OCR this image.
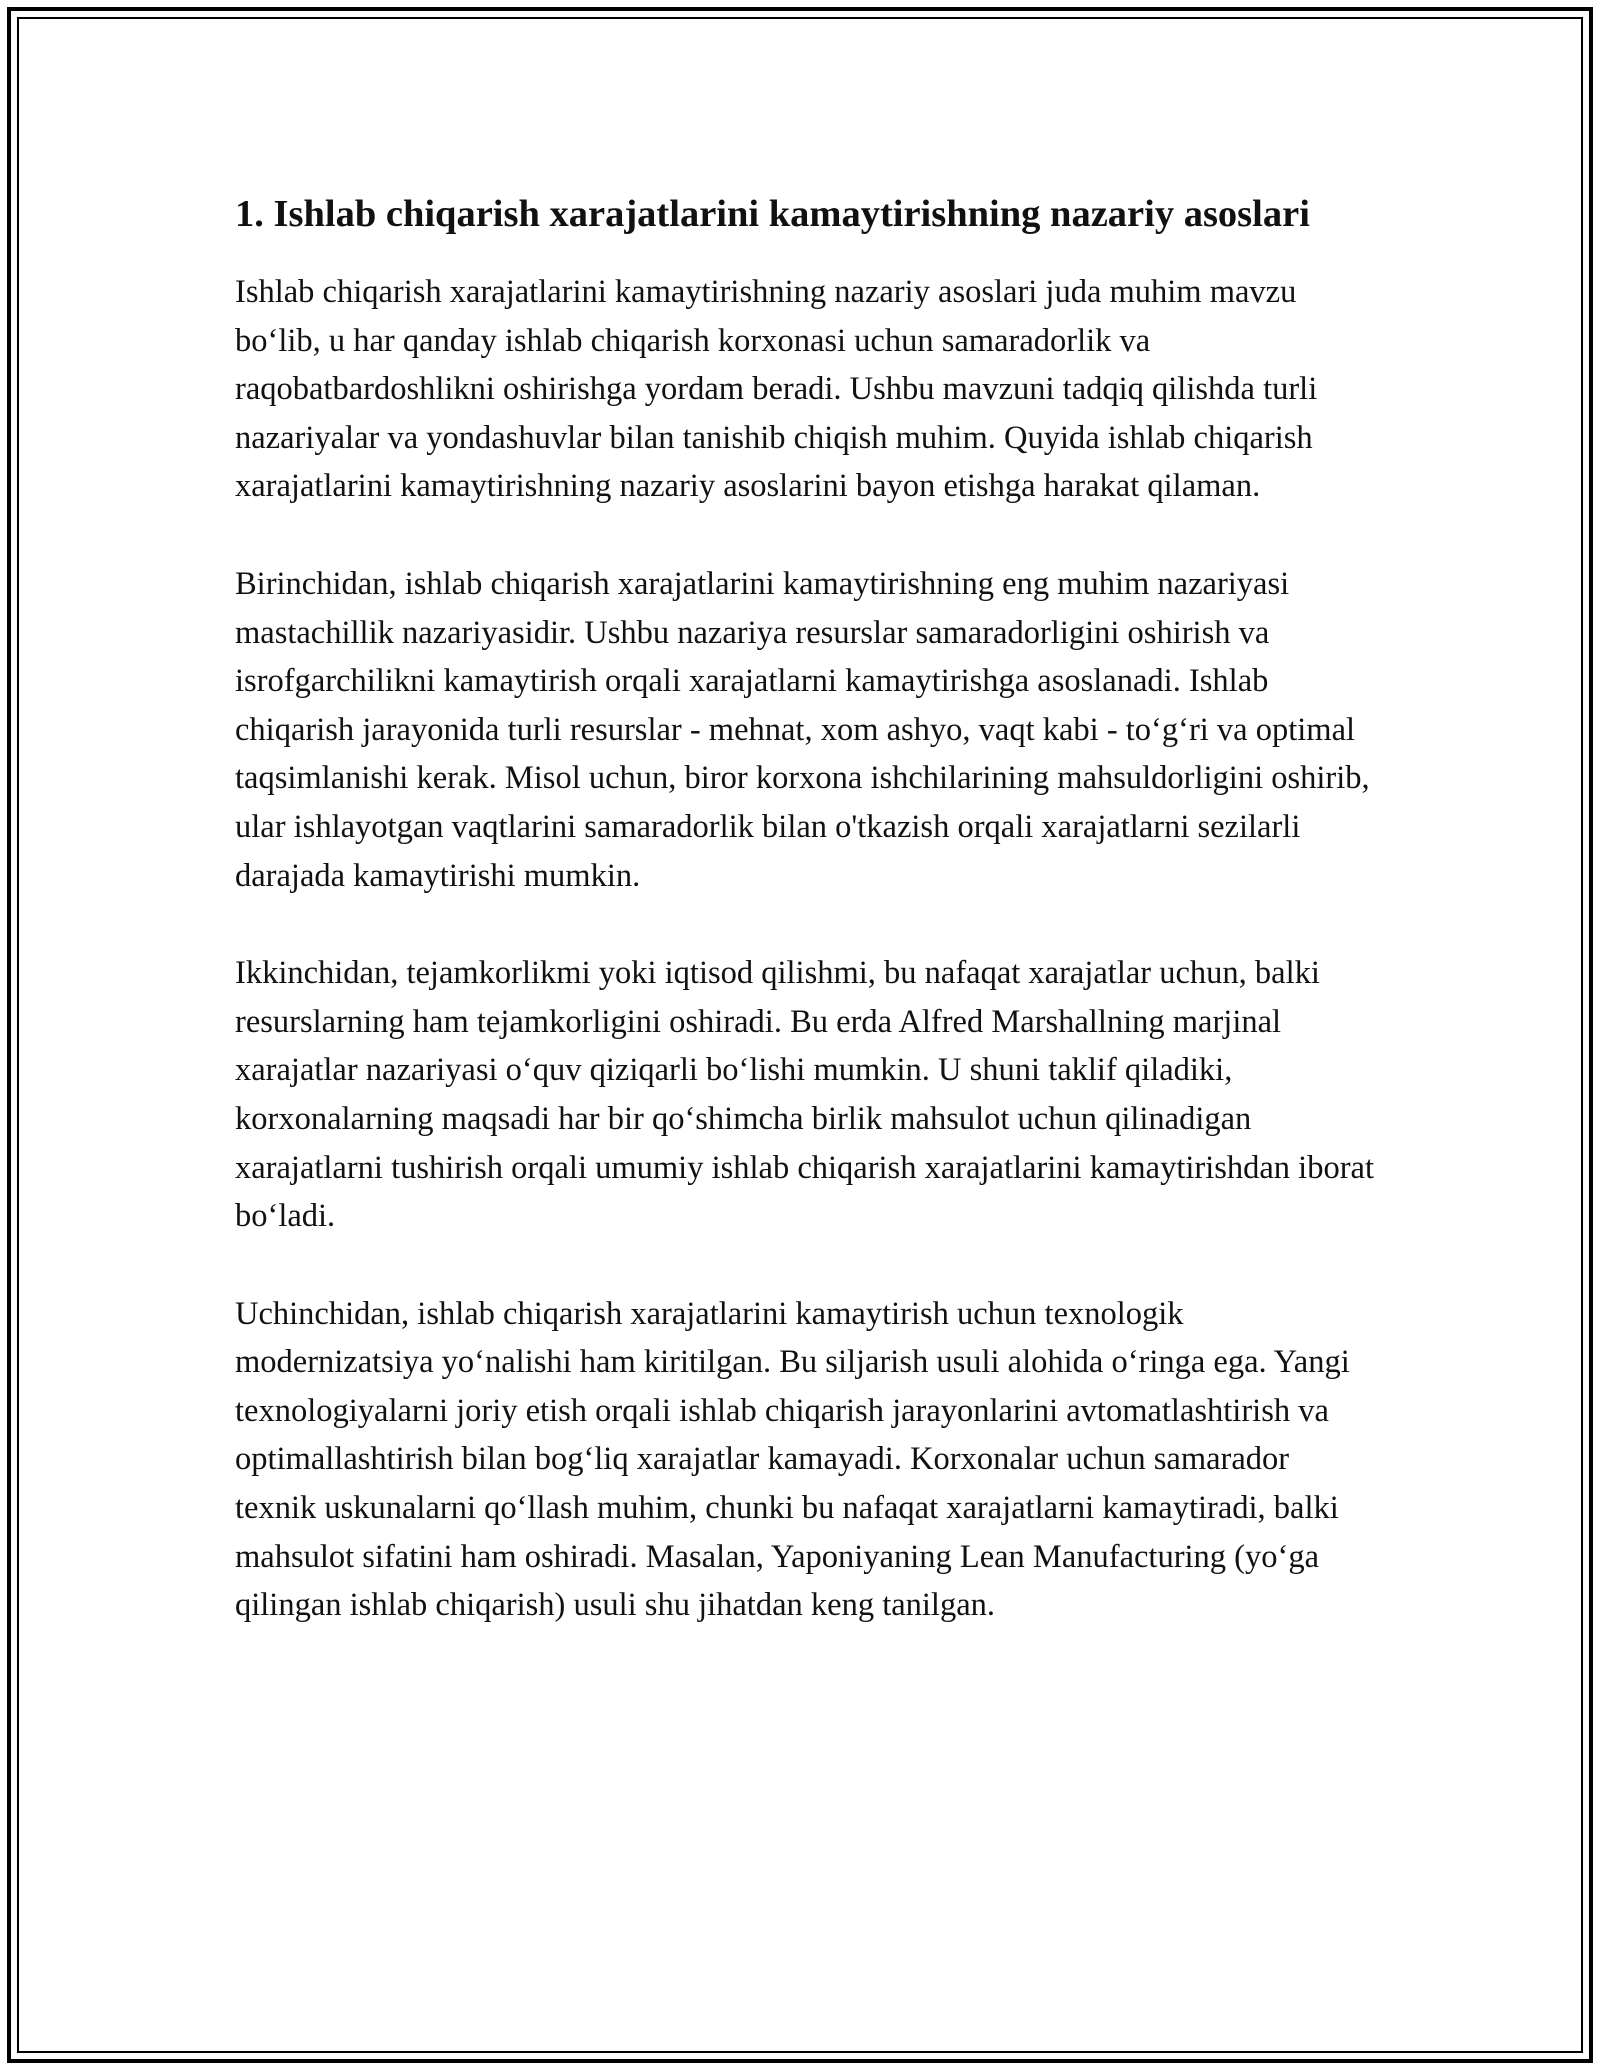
1. Ishlab chiqarish xarajatlarini kamaytirishning nazariy asoslari

Ishlab chiqarish xarajatlarini kamaytirishning nazariy asoslari juda muhim mavzu bo‘lib, u har qanday ishlab chiqarish korxonasi uchun samaradorlik va raqobatbardoshlikni oshirishga yordam beradi. Ushbu mavzuni tadqiq qilishda turli nazariyalar va yondashuvlar bilan tanishib chiqish muhim. Quyida ishlab chiqarish xarajatlarini kamaytirishning nazariy asoslarini bayon etishga harakat qilaman.

Birinchidan, ishlab chiqarish xarajatlarini kamaytirishning eng muhim nazariyasi mastachillik nazariyasidir. Ushbu nazariya resurslar samaradorligini oshirish va isrofgarchilikni kamaytirish orqali xarajatlarni kamaytirishga asoslanadi. Ishlab chiqarish jarayonida turli resurslar - mehnat, xom ashyo, vaqt kabi - to‘g‘ri va optimal taqsimlanishi kerak. Misol uchun, biror korxona ishchilarining mahsuldorligini oshirib, ular ishlayotgan vaqtlarini samaradorlik bilan o'tkazish orqali xarajatlarni sezilarli darajada kamaytirishi mumkin.

Ikkinchidan, tejamkorlikmi yoki iqtisod qilishmi, bu nafaqat xarajatlar uchun, balki resurslarning ham tejamkorligini oshiradi. Bu erda Alfred Marshallning marjinal xarajatlar nazariyasi o‘quv qiziqarli bo‘lishi mumkin. U shuni taklif qiladiki, korxonalarning maqsadi har bir qo‘shimcha birlik mahsulot uchun qilinadigan xarajatlarni tushirish orqali umumiy ishlab chiqarish xarajatlarini kamaytirishdan iborat bo‘ladi.

Uchinchidan, ishlab chiqarish xarajatlarini kamaytirish uchun texnologik modernizatsiya yo‘nalishi ham kiritilgan. Bu siljarish usuli alohida o‘ringa ega. Yangi texnologiyalarni joriy etish orqali ishlab chiqarish jarayonlarini avtomatlashtirish va optimallashtirish bilan bog‘liq xarajatlar kamayadi. Korxonalar uchun samarador texnik uskunalarni qo‘llash muhim, chunki bu nafaqat xarajatlarni kamaytiradi, balki mahsulot sifatini ham oshiradi. Masalan, Yaponiyaning Lean Manufacturing (yo‘ga qilingan ishlab chiqarish) usuli shu jihatdan keng tanilgan.
